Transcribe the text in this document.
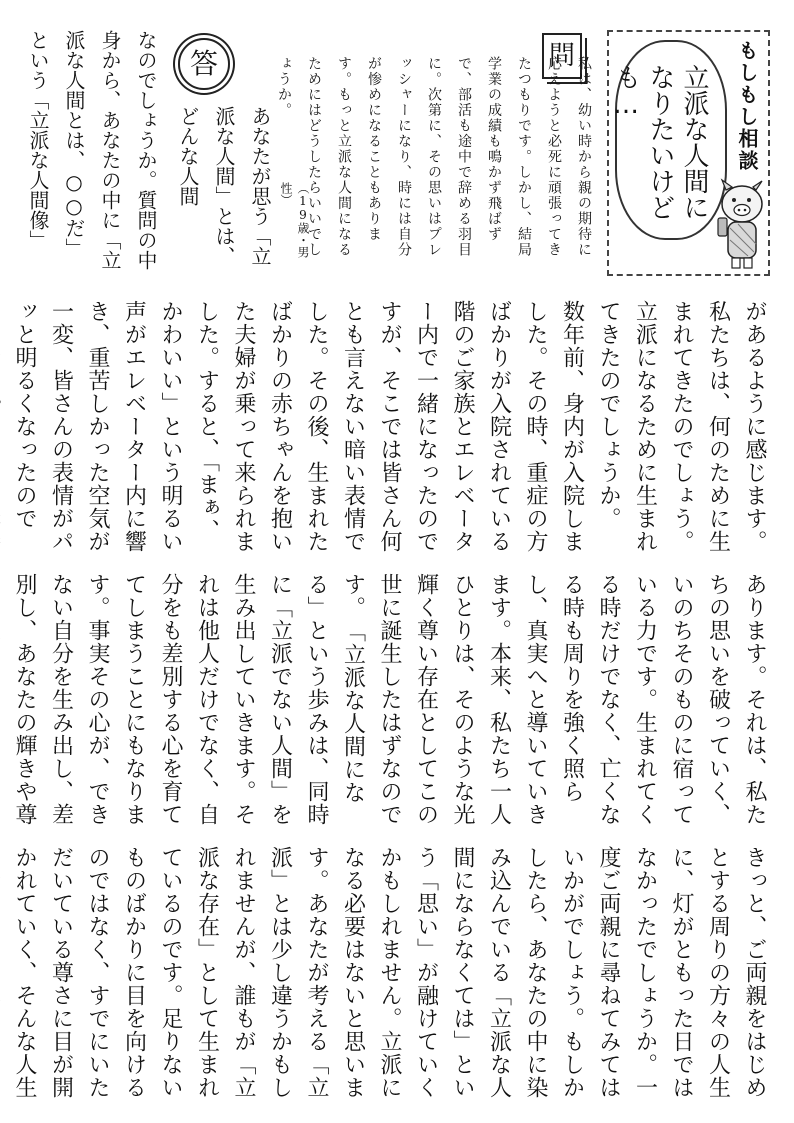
もしもし相談
立派な人間になりたいけども…
問 私は、幼い時から親の期待に応えようと必死に頑張ってきたつもりです。しかし、結局学業の成績も鳴かず飛ばずで、部活も途中で辞める羽目に。次第に、その思いはプレッシャーになり、時には自分が惨めになることもあります。もっと立派な人間になるためにはどうしたらいいでしょうか。
（19歳・男性）
答
あなたが思う「立派な人間」とは、どんな人間
なのでしょうか。質問の中身から、あなたの中に「立派な人間とは、○○だ」という「立派な人間像」
があるように感じます。私たちは、何のために生まれてきたのでしょう。立派になるために生まれてきたのでしょうか。　数年前、身内が入院しました。その時、重症の方ばかりが入院されている階のご家族とエレベーター内で一緒になったのですが、そこでは皆さん何とも言えない暗い表情でした。その後、生まれたばかりの赤ちゃんを抱いた夫婦が乗って来られました。すると、「まぁ、かわいい」という明るい声がエレベーター内に響き、重苦しかった空気が一変、皆さんの表情がパッと明るくなったので
あります。それは、私たちの思いを破っていく、いのちそのものに宿っている力です。生まれてくる時だけでなく、亡くなる時も周りを強く照らし、真実へと導いていきます。本来、私たち一人ひとりは、そのような光輝く尊い存在としてこの世に誕生したはずなのです。　「立派な人間になる」という歩みは、同時に「立派でない人間」を生み出していきます。それは他人だけでなく、自分をも差別する心を育ててしまうことにもなります。事実その心が、できない自分を生み出し、差別し、あなたの輝きや尊　
きっと、ご両親をはじめとする周りの方々の人生に、灯がともった日ではなかったでしょうか。一度ご両親に尋ねてみてはいかがでしょう。もしかしたら、あなたの中に染み込んでいる「立派な人間にならなくては」という「思い」が融けていくかもしれません。立派になる必要はないと思います。あなたが考える「立派」とは少し違うかもしれませんが、誰もが「立派な存在」として生まれているのです。足りないものばかりに目を向けるのではなく、すでにいただいている尊さに目が開かれていく、そんな人生　　　　　
